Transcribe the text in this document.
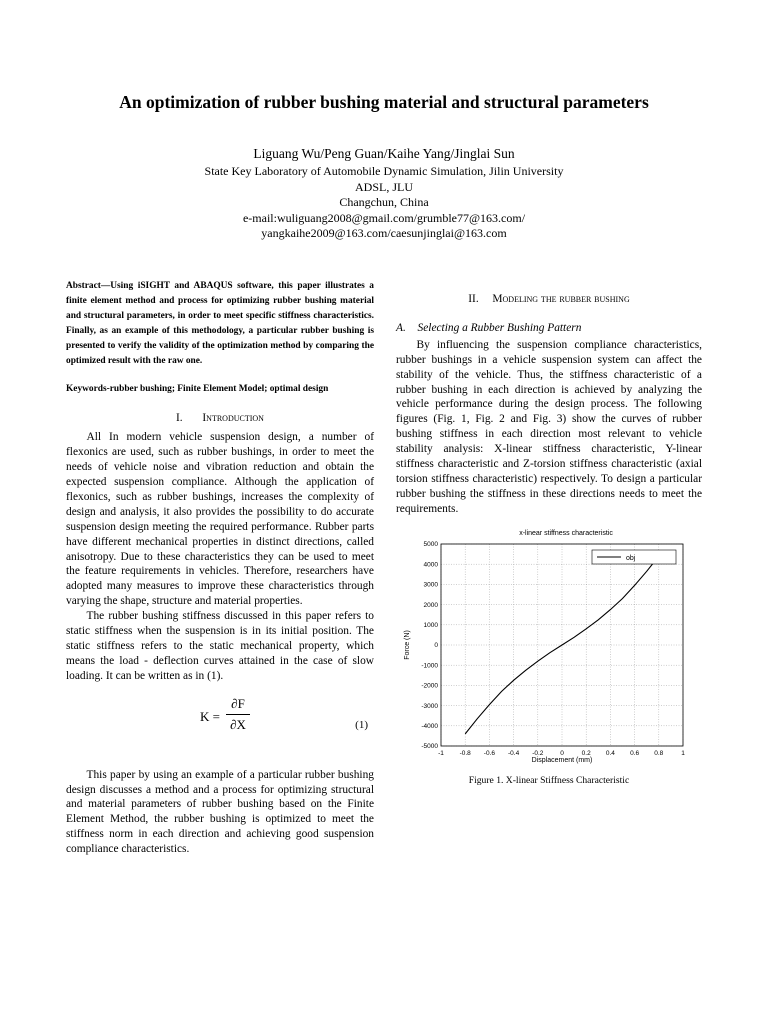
An optimization of rubber bushing material and structural parameters
Liguang Wu/Peng Guan/Kaihe Yang/Jinglai Sun
State Key Laboratory of Automobile Dynamic Simulation, Jilin University
ADSL, JLU
Changchun, China
e-mail:wuliguang2008@gmail.com/grumble77@163.com/
yangkaihe2009@163.com/caesunjinglai@163.com

Abstract—Using iSIGHT and ABAQUS software, this paper illustrates a finite element method and process for optimizing rubber bushing material and structural parameters, in order to meet specific stiffness characteristics. Finally, as an example of this methodology, a particular rubber bushing is presented to verify the validity of the optimization method by comparing the optimized result with the raw one.

Keywords-rubber bushing; Finite Element Model; optimal design

I. Introduction

All In modern vehicle suspension design, a number of flexonics are used, such as rubber bushings, in order to meet the needs of vehicle noise and vibration reduction and obtain the expected suspension compliance. Although the application of flexonics, such as rubber bushings, increases the complexity of design and analysis, it also provides the possibility to do accurate suspension design meeting the required performance. Rubber parts have different mechanical properties in distinct directions, called anisotropy. Due to these characteristics they can be used to meet the feature requirements in vehicles. Therefore, researchers have adopted many measures to improve these characteristics through varying the shape, structure and material properties.

The rubber bushing stiffness discussed in this paper refers to static stiffness when the suspension is in its initial position. The static stiffness refers to the static mechanical property, which means the load - deflection curves attained in the case of slow loading. It can be written as in (1).

$K = \frac{\partial F}{\partial X}$	(1)

This paper by using an example of a particular rubber bushing design discusses a method and a process for optimizing structural and material parameters of rubber bushing based on the Finite Element Method, the rubber bushing is optimized to meet the stiffness norm in each direction and achieving good suspension compliance characteristics.

II. Modeling the rubber bushing
A. Selecting a Rubber Bushing Pattern

By influencing the suspension compliance characteristics, rubber bushings in a vehicle suspension system can affect the stability of the vehicle. Thus, the stiffness characteristic of a rubber bushing in each direction is achieved by analyzing the vehicle performance during the design process. The following figures (Fig. 1, Fig. 2 and Fig. 3) show the curves of rubber bushing stiffness in each direction most relevant to vehicle stability analysis: X-linear stiffness characteristic, Y-linear stiffness characteristic and Z-torsion stiffness characteristic (axial torsion stiffness characteristic) respectively. To design a particular rubber bushing the stiffness in these directions needs to meet the requirements.

x-linear stiffness characteristic
-1 -0.8 -0.6 -0.4 -0.2	0	0.2 0.4 0.6 0.8	1
-5000
-4000
-3000
-2000
-1000
0
1000
2000
3000
4000
5000
obj
Displacement (mm)
Force (N)
Figure 1. X-linear Stiffness Characteristic
